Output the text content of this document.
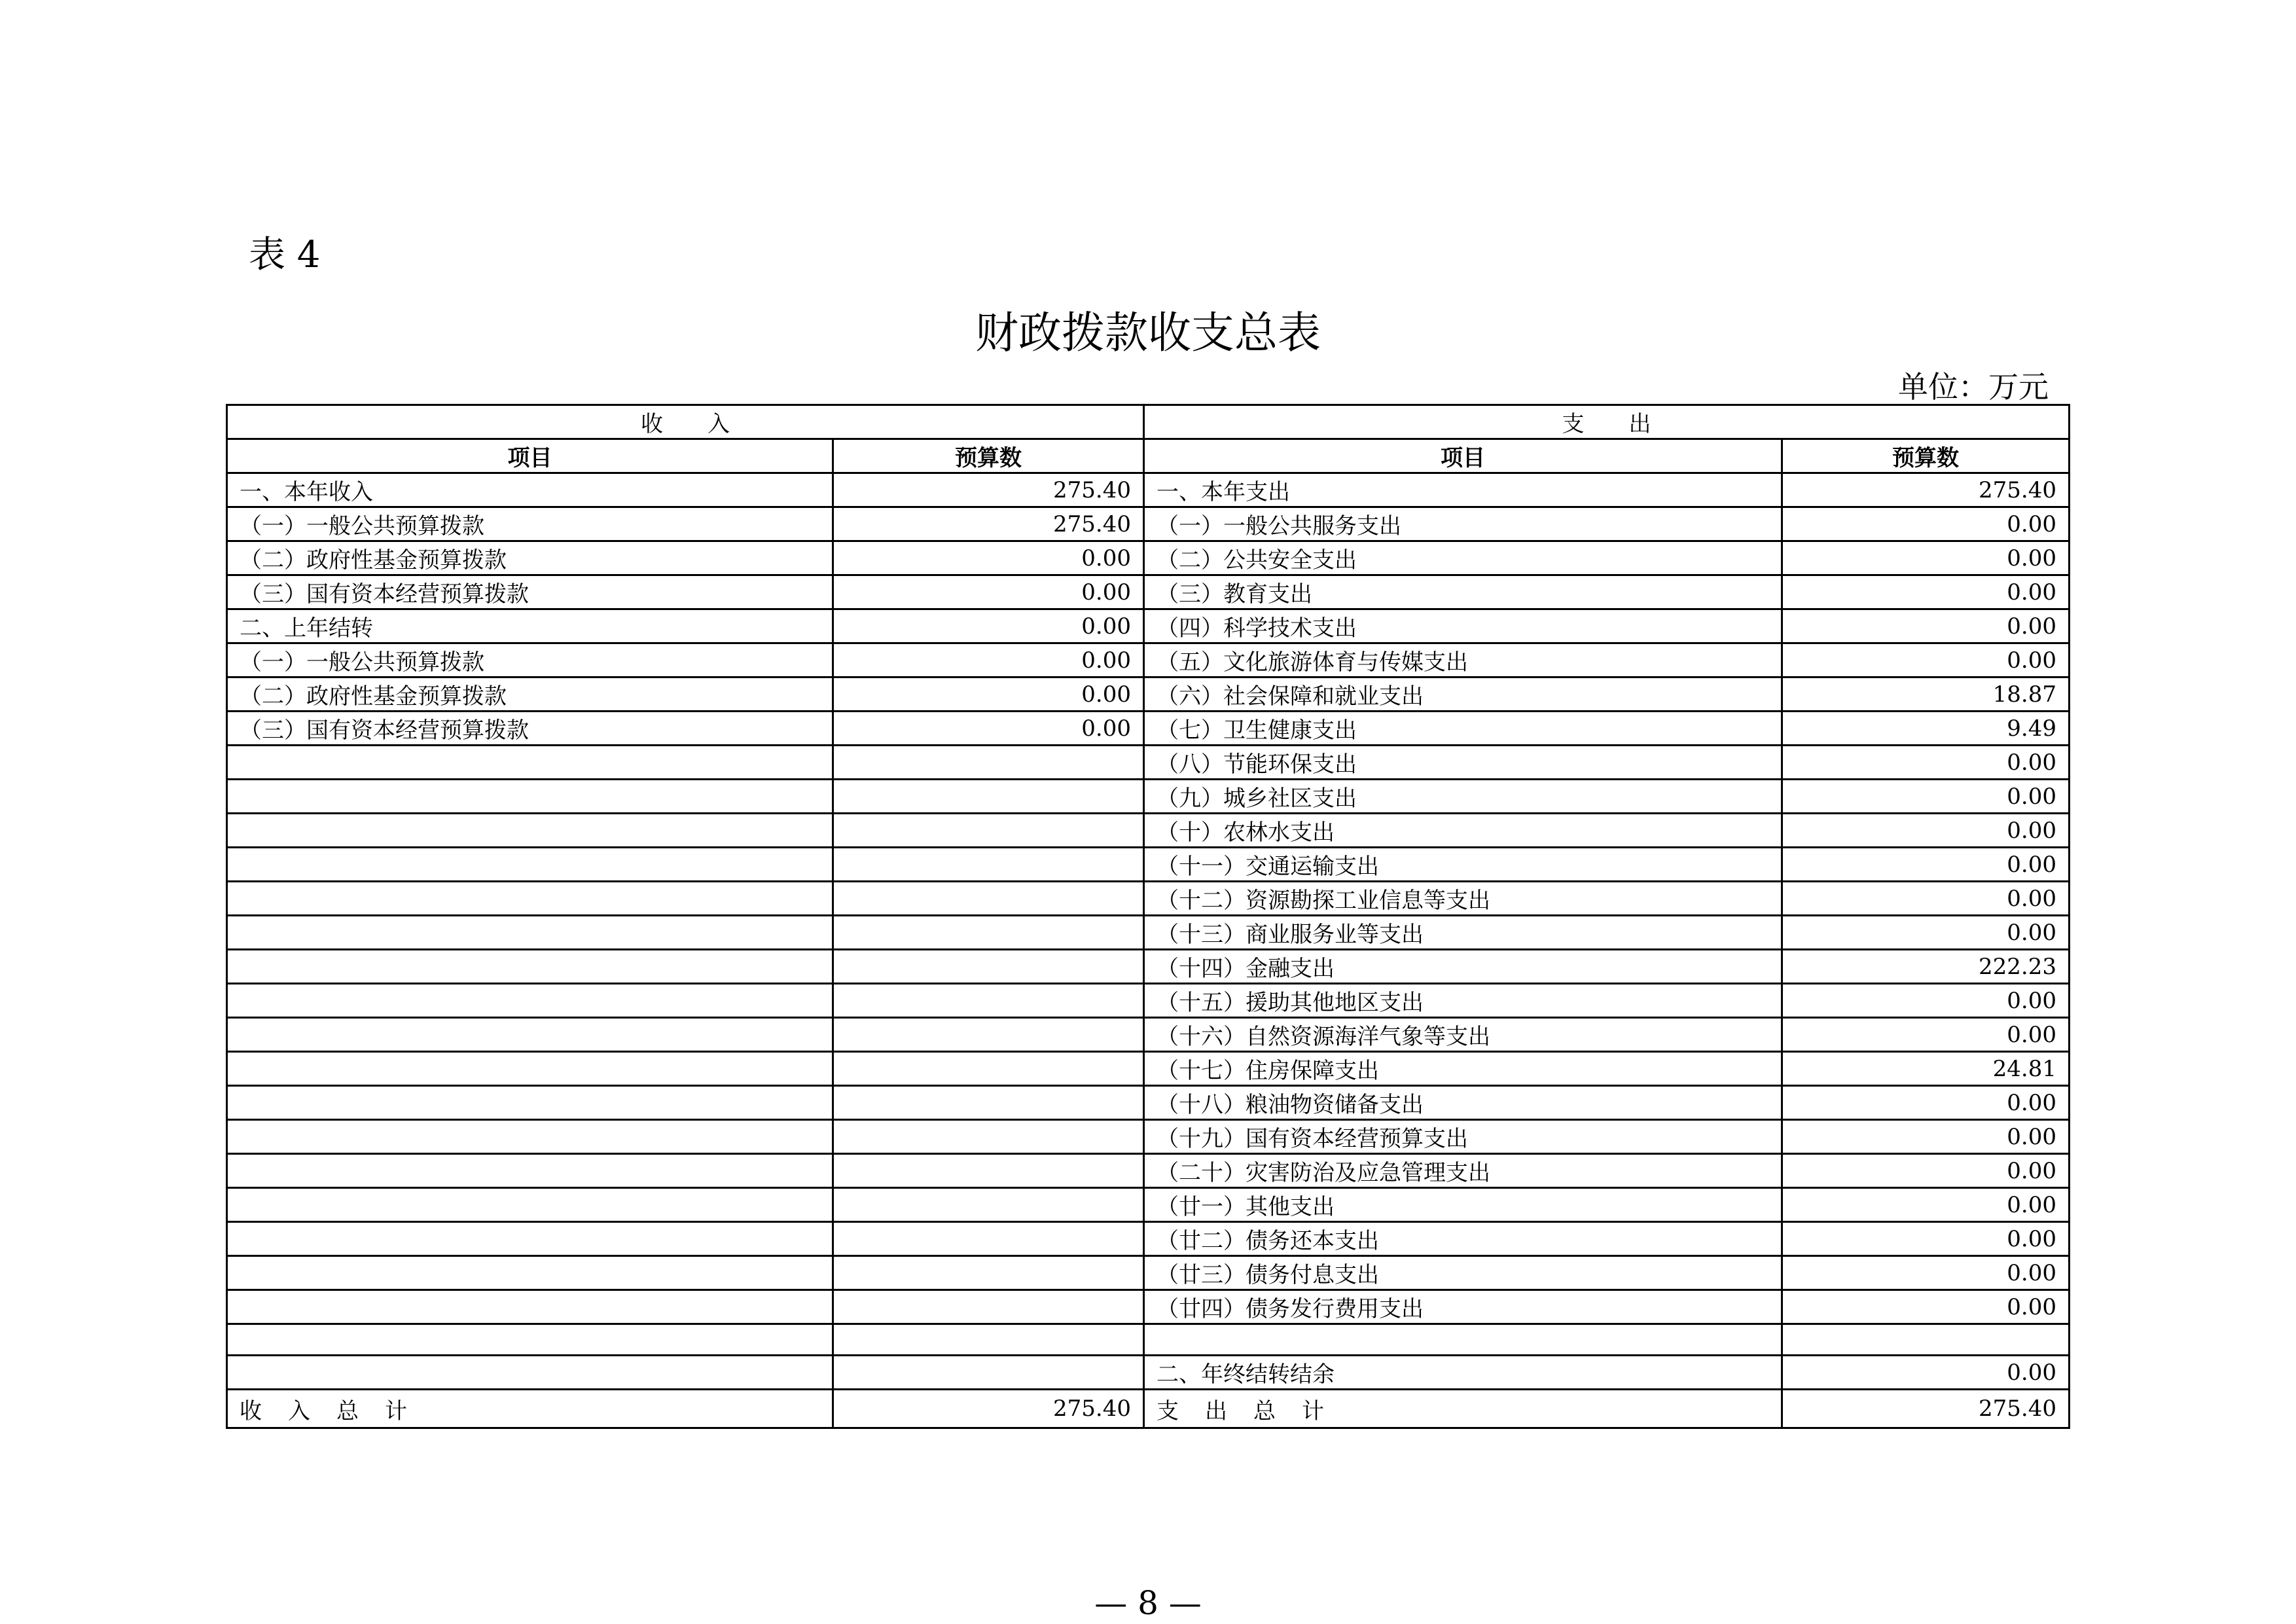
表 4
财政拨款收支总表
单位：万元
收　　入		支　　出	
项目	预算数	项目	预算数
一、本年收入	275.40	一、本年支出	275.40
（一）一般公共预算拨款	275.40	（一）一般公共服务支出	0.00
（二）政府性基金预算拨款	0.00	（二）公共安全支出	0.00
（三）国有资本经营预算拨款	0.00	（三）教育支出	0.00
二、上年结转	0.00	（四）科学技术支出	0.00
（一）一般公共预算拨款	0.00	（五）文化旅游体育与传媒支出	0.00
（二）政府性基金预算拨款	0.00	（六）社会保障和就业支出	18.87
（三）国有资本经营预算拨款	0.00	（七）卫生健康支出	9.49
		（八）节能环保支出	0.00
		（九）城乡社区支出	0.00
		（十）农林水支出	0.00
		（十一）交通运输支出	0.00
		（十二）资源勘探工业信息等支出	0.00
		（十三）商业服务业等支出	0.00
		（十四）金融支出	222.23
		（十五）援助其他地区支出	0.00
		（十六）自然资源海洋气象等支出	0.00
		（十七）住房保障支出	24.81
		（十八）粮油物资储备支出	0.00
		（十九）国有资本经营预算支出	0.00
		（二十）灾害防治及应急管理支出	0.00
		（廿一）其他支出	0.00
		（廿二）债务还本支出	0.00
		（廿三）债务付息支出	0.00
		（廿四）债务发行费用支出	0.00

		二、年终结转结余	0.00
收入总计	275.40	支出总计	275.40
— 8 —
